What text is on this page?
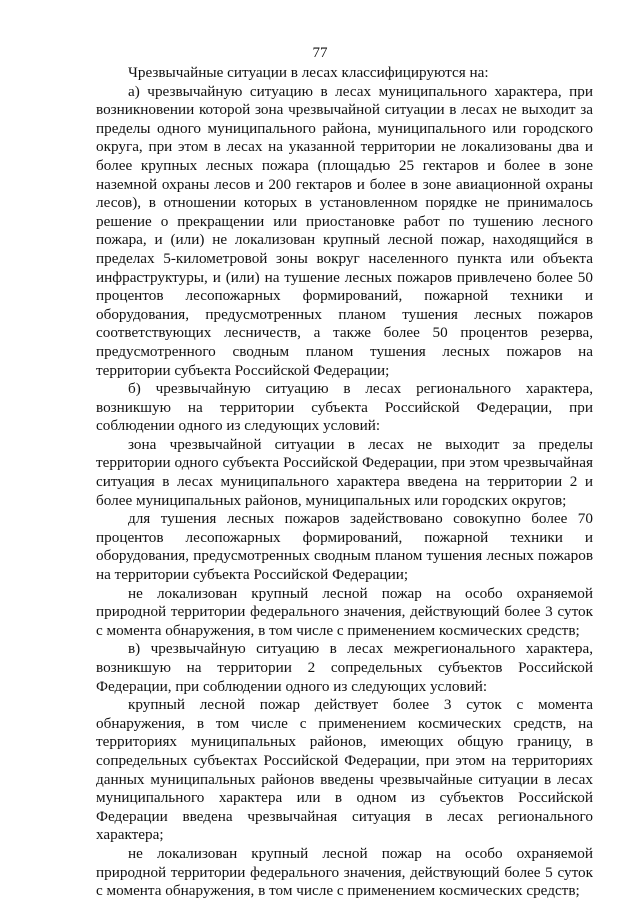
77

Чрезвычайные ситуации в лесах классифицируются на:

а) чрезвычайную ситуацию в лесах муниципального характера, при возникновении которой зона чрезвычайной ситуации в лесах не выходит за пределы одного муниципального района, муниципального или городского округа, при этом в лесах на указанной территории не локализованы два и более крупных лесных пожара (площадью 25 гектаров и более в зоне наземной охраны лесов и 200 гектаров и более в зоне авиационной охраны лесов), в отношении которых в установленном порядке не принималось решение о прекращении или приостановке работ по тушению лесного пожара, и (или) не локализован крупный лесной пожар, находящийся в пределах 5-километровой зоны вокруг населенного пункта или объекта инфраструктуры, и (или) на тушение лесных пожаров привлечено более 50 процентов лесопожарных формирований, пожарной техники и оборудования, предусмотренных планом тушения лесных пожаров соответствующих лесничеств, а также более 50 процентов резерва, предусмотренного сводным планом тушения лесных пожаров на территории субъекта Российской Федерации;

б) чрезвычайную ситуацию в лесах регионального характера, возникшую на территории субъекта Российской Федерации, при соблюдении одного из следующих условий:

зона чрезвычайной ситуации в лесах не выходит за пределы территории одного субъекта Российской Федерации, при этом чрезвычайная ситуация в лесах муниципального характера введена на территории 2 и более муниципальных районов, муниципальных или городских округов;

для тушения лесных пожаров задействовано совокупно более 70 процентов лесопожарных формирований, пожарной техники и оборудования, предусмотренных сводным планом тушения лесных пожаров на территории субъекта Российской Федерации;

не локализован крупный лесной пожар на особо охраняемой природной территории федерального значения, действующий более 3 суток с момента обнаружения, в том числе с применением космических средств;

в) чрезвычайную ситуацию в лесах межрегионального характера, возникшую на территории 2 сопредельных субъектов Российской Федерации, при соблюдении одного из следующих условий:

крупный лесной пожар действует более 3 суток с момента обнаружения, в том числе с применением космических средств, на территориях муниципальных районов, имеющих общую границу, в сопредельных субъектах Российской Федерации, при этом на территориях данных муниципальных районов введены чрезвычайные ситуации в лесах муниципального характера или в одном из субъектов Российской Федерации введена чрезвычайная ситуация в лесах регионального характера;

не локализован крупный лесной пожар на особо охраняемой природной территории федерального значения, действующий более 5 суток с момента обнаружения, в том числе с применением космических средств;
